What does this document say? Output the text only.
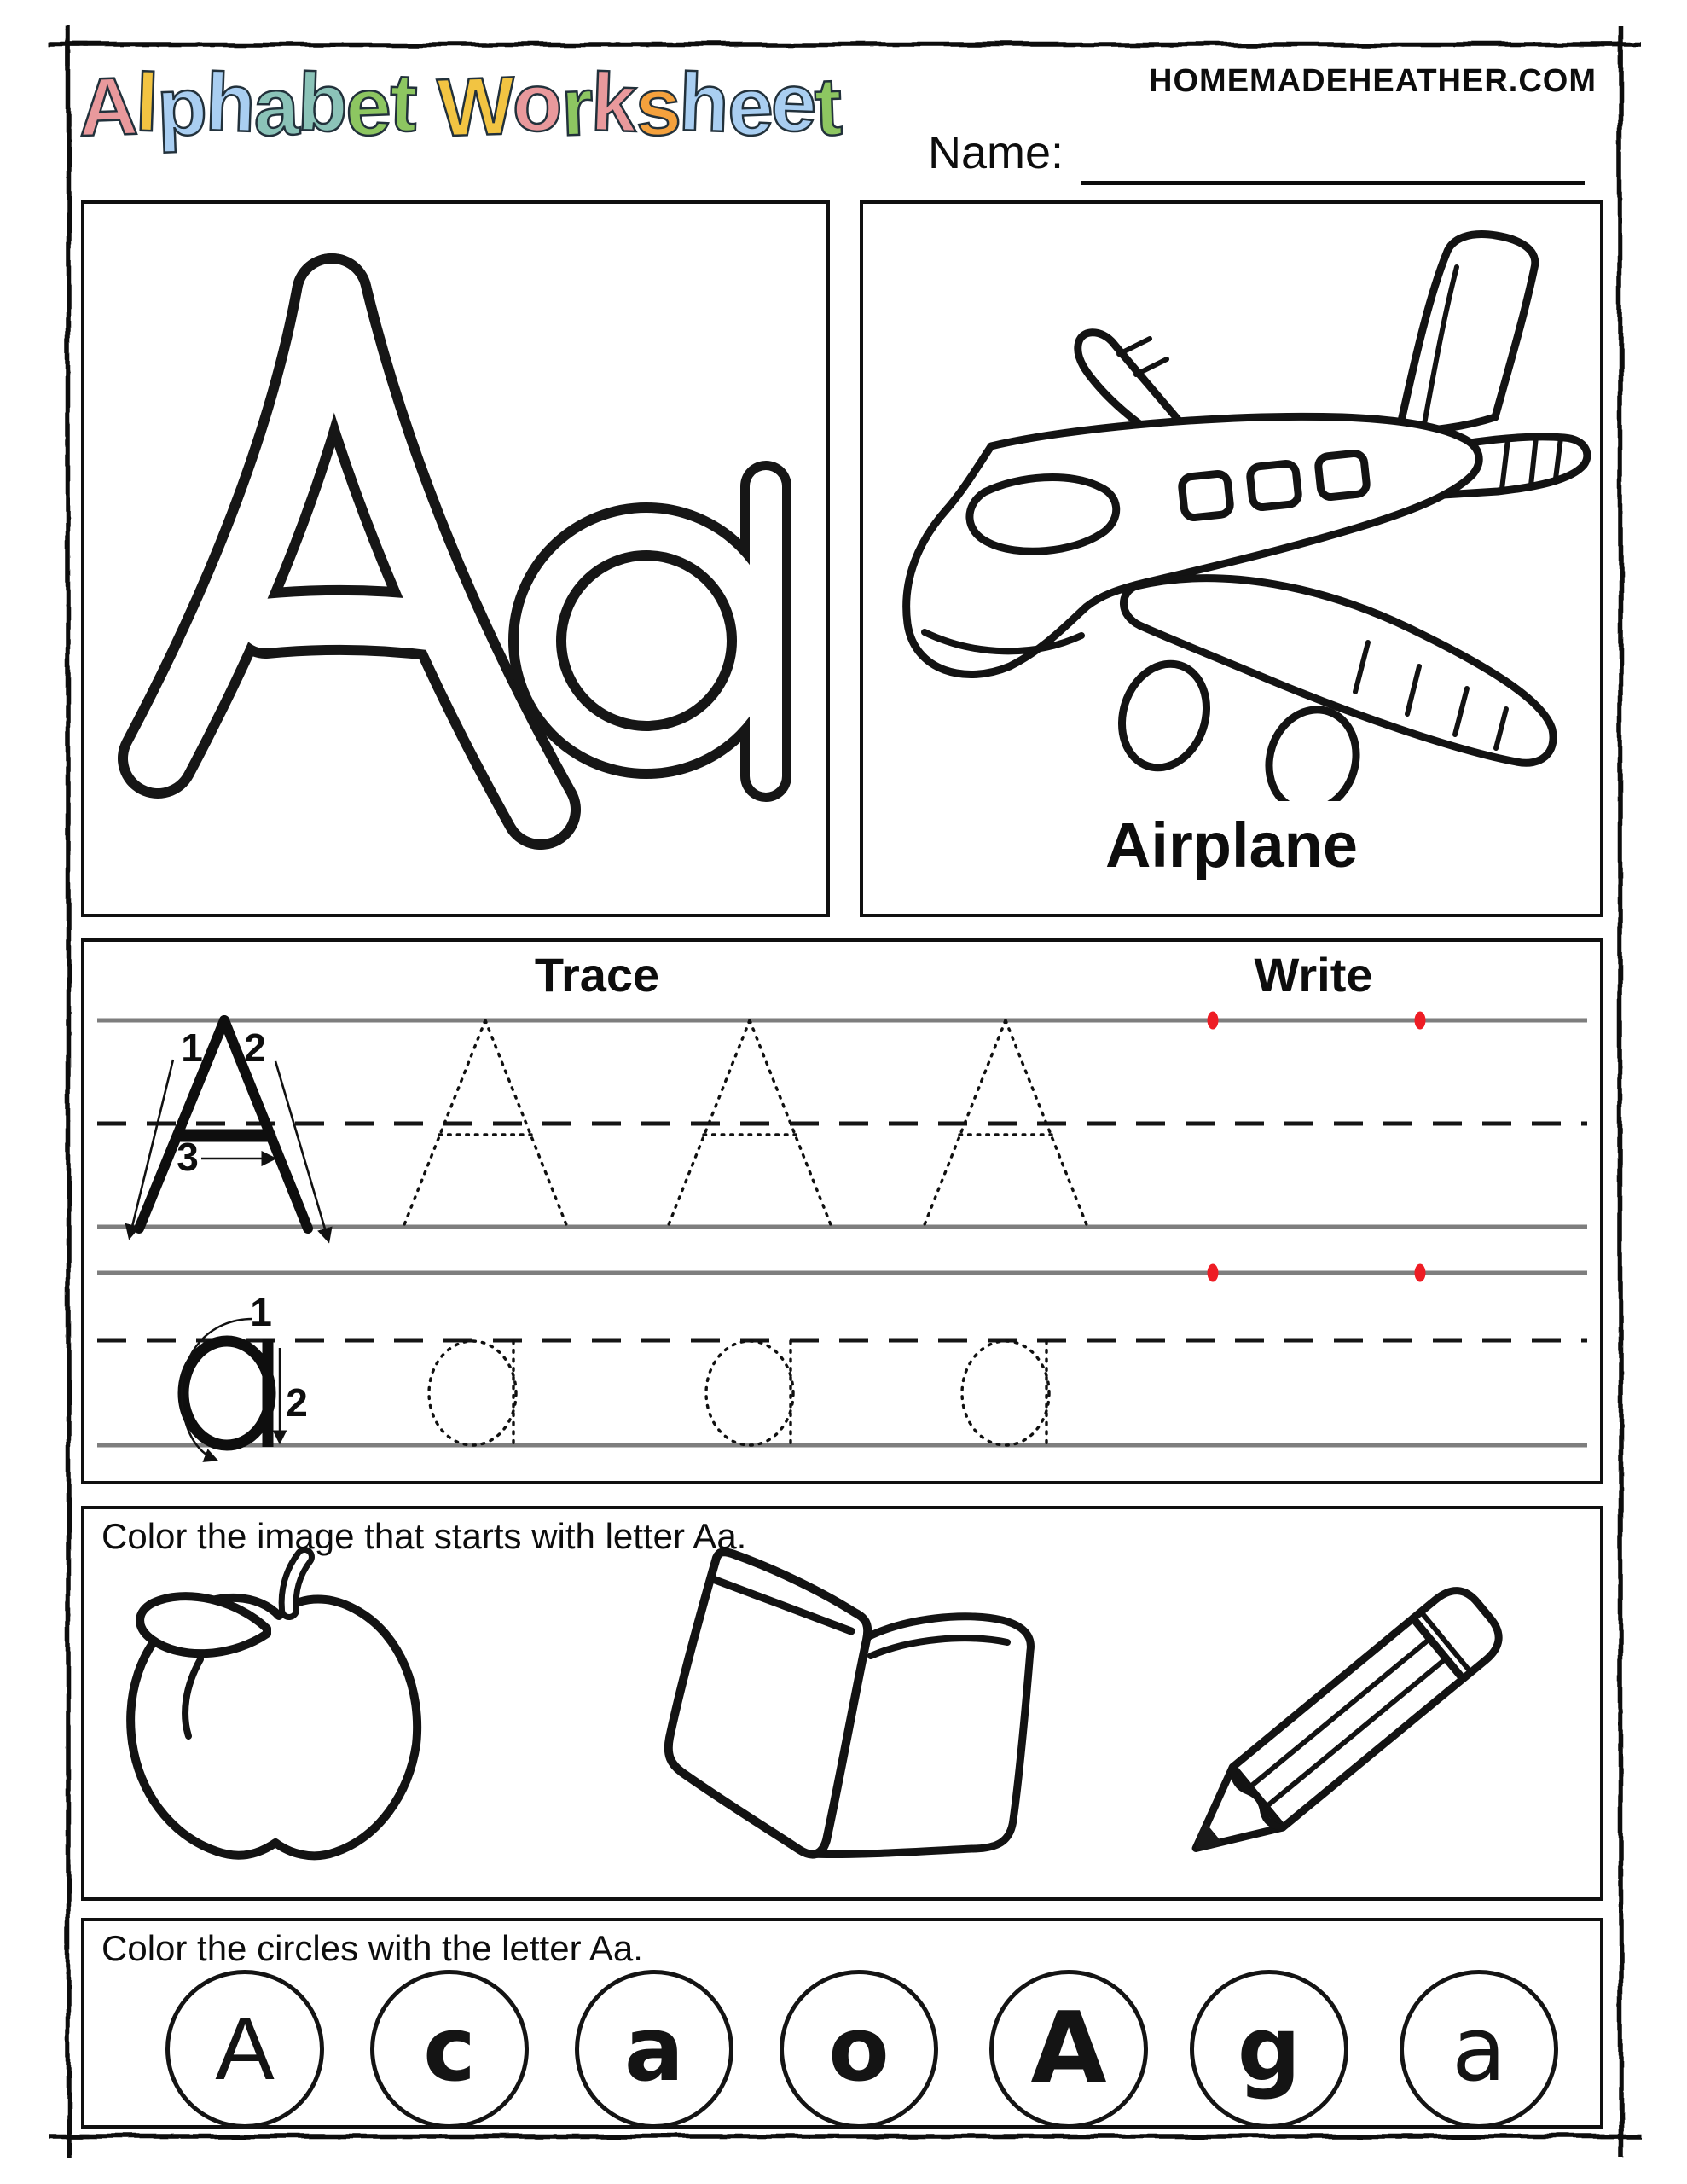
Alphabet Worksheet	HOMEMADEHEATHER.COM
Name:
Airplane
1 2
3
1
2
Trace	Write
Color the image that starts with letter Aa.
Color the circles with the letter Aa.
A c a o A g a
